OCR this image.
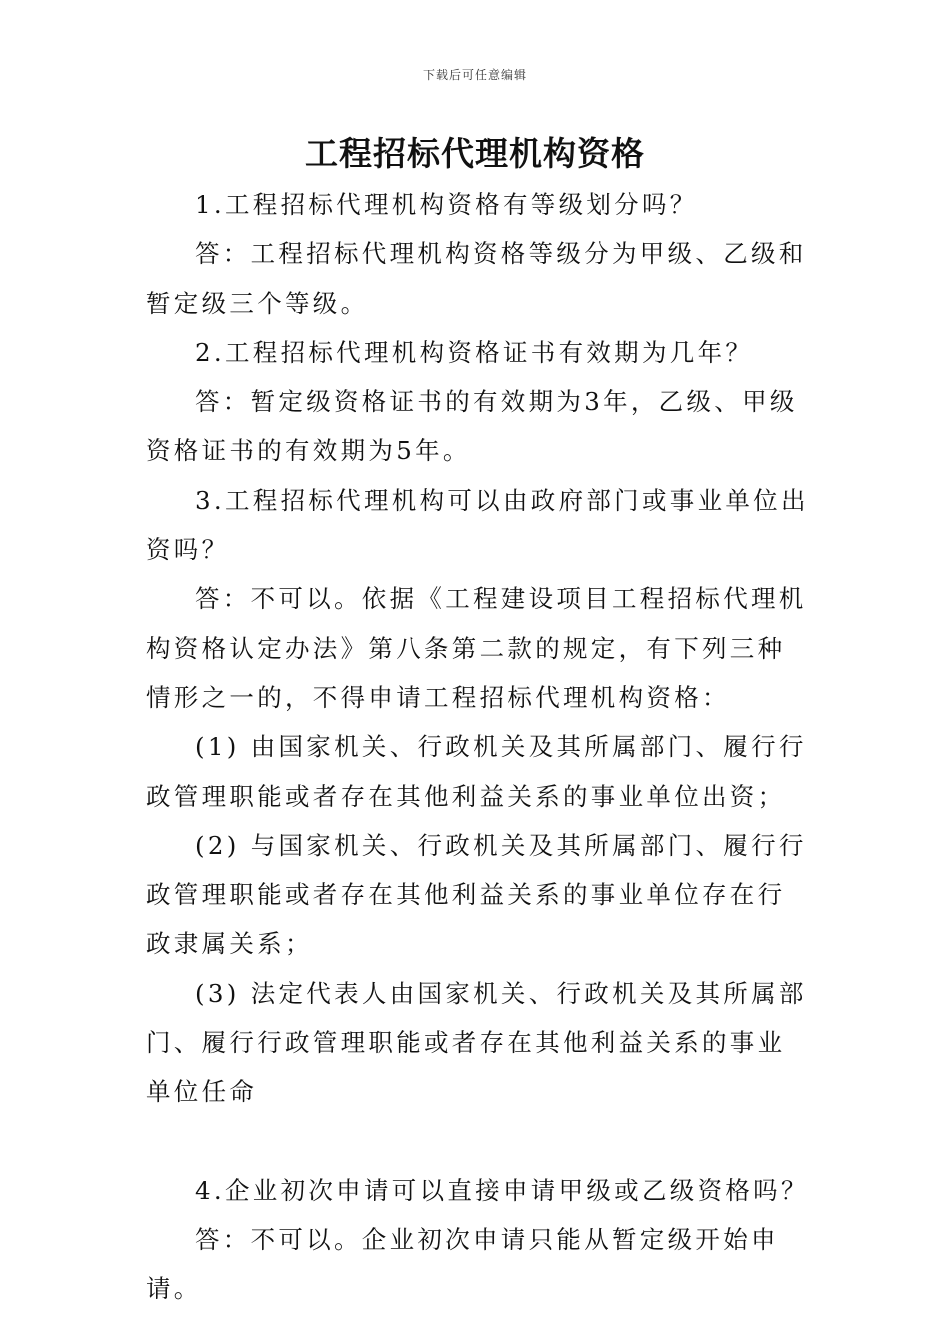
下载后可任意编辑
工程招标代理机构资格

1.工程招标代理机构资格有等级划分吗？

答：工程招标代理机构资格等级分为甲级、乙级和暂定级三个等级。

2.工程招标代理机构资格证书有效期为几年？

答：暂定级资格证书的有效期为3年，乙级、甲级资格证书的有效期为5年。

3.工程招标代理机构可以由政府部门或事业单位出资吗？

答：不可以。依据《工程建设项目工程招标代理机构资格认定办法》第八条第二款的规定，有下列三种情形之一的，不得申请工程招标代理机构资格：

(1) 由国家机关、行政机关及其所属部门、履行行政管理职能或者存在其他利益关系的事业单位出资；

(2) 与国家机关、行政机关及其所属部门、履行行政管理职能或者存在其他利益关系的事业单位存在行政隶属关系；

(3) 法定代表人由国家机关、行政机关及其所属部门、履行行政管理职能或者存在其他利益关系的事业单位任命

4.企业初次申请可以直接申请甲级或乙级资格吗？

答：不可以。企业初次申请只能从暂定级开始申请。
